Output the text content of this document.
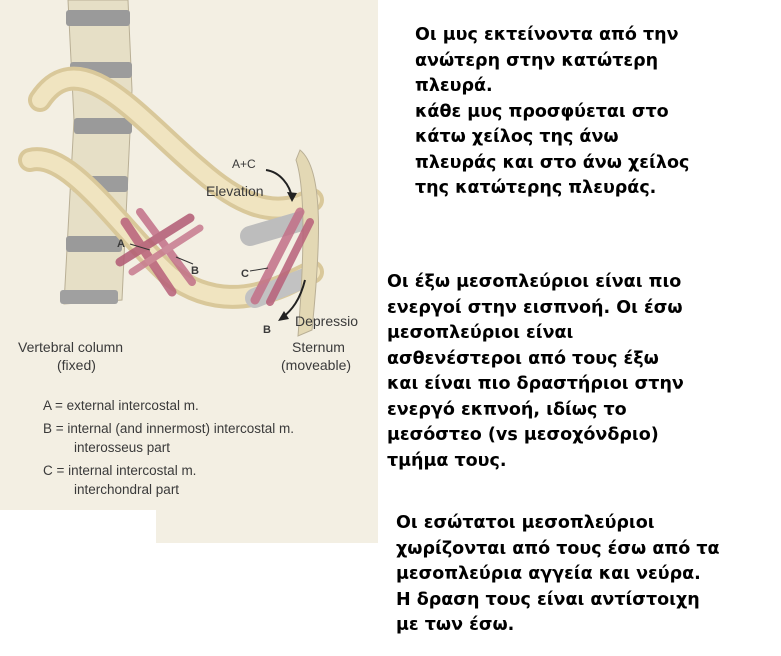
A+C
Elevation
A
B	C
B
Depressio
Vertebral column
(fixed)
Sternum
(moveable)
A = external intercostal m.
B = internal (and innermost) intercostal m.
interosseus part
C = internal intercostal m.
interchondral part
Οι μυς εκτείνοντα από την
ανώτερη στην κατώτερη
πλευρά.
κάθε μυς προσφύεται στο
κάτω χείλος της άνω
πλευράς και στο άνω χείλος
της κατώτερης πλευράς.
Οι έξω μεσοπλεύριοι είναι πιο
ενεργοί στην εισπνοή. Οι έσω
μεσοπλεύριοι είναι
ασθενέστεροι από τους έξω
και είναι πιο δραστήριοι στην
ενεργό εκπνοή, ιδίως το
μεσόστεο (vs μεσοχόνδριο)
τμήμα τους.
Οι εσώτατοι μεσοπλεύριοι
χωρίζονται από τους έσω από τα
μεσοπλεύρια αγγεία και νεύρα.
Η δραση τους είναι αντίστοιχη
με των έσω.
